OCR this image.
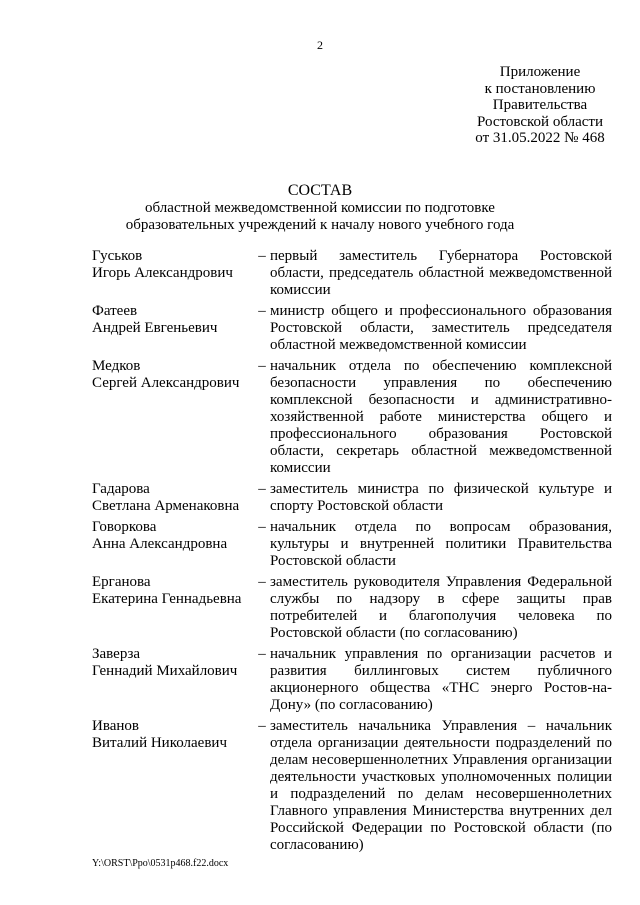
2
Приложение
к постановлению
Правительства
Ростовской области
от 31.05.2022 № 468
СОСТАВ
областной межведомственной комиссии по подготовке
образовательных учреждений к началу нового учебного года
Гуськов
Игорь Александрович
– первый заместитель Губернатора Ростовской области, председатель областной межведомственной комиссии
Фатеев
Андрей Евгеньевич
– министр общего и профессионального образования Ростовской области, заместитель председателя областной межведомственной комиссии
Медков
Сергей Александрович
– начальник отдела по обеспечению комплексной безопасности управления по обеспечению комплексной безопасности и административно-хозяйственной работе министерства общего и профессионального образования Ростовской области, секретарь областной межведомственной комиссии
Гадарова
Светлана Арменаковна
– заместитель министра по физической культуре и спорту Ростовской области
Говоркова
Анна Александровна
– начальник отдела по вопросам образования, культуры и внутренней политики Правительства Ростовской области
Ерганова
Екатерина Геннадьевна
– заместитель руководителя Управления Федеральной службы по надзору в сфере защиты прав потребителей и благополучия человека по Ростовской области (по согласованию)
Заверза
Геннадий Михайлович
– начальник управления по организации расчетов и развития биллинговых систем публичного акционерного общества «ТНС энерго Ростов-на-Дону» (по согласованию)
Иванов
Виталий Николаевич
– заместитель начальника Управления – начальник отдела организации деятельности подразделений по делам несовершеннолетних Управления организации деятельности участковых уполномоченных полиции и подразделений по делам несовершеннолетних Главного управления Министерства внутренних дел Российской Федерации по Ростовской области (по согласованию)
Y:\ORST\Ppo\0531p468.f22.docx
